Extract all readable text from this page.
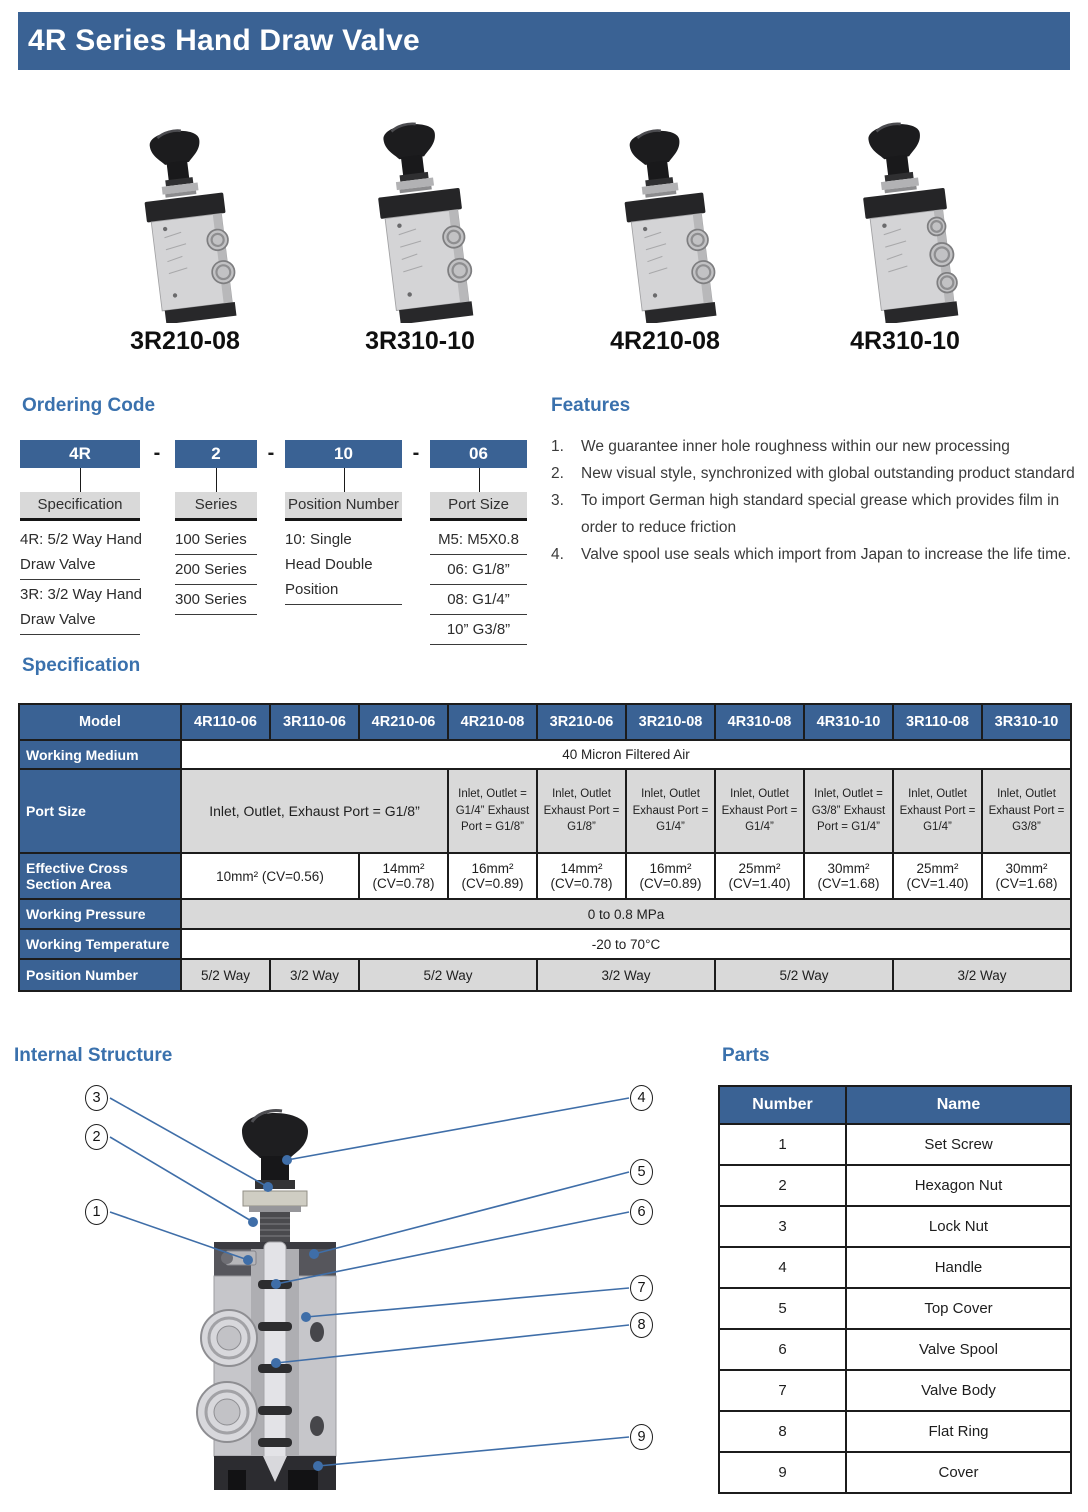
4R Series Hand Draw Valve
3R210-08	3R310-10	4R210-08	4R310-10
Ordering Code
4R
Specification
4R: 5/2 Way Hand
Draw Valve
3R: 3/2 Way Hand
Draw Valve
2
Series
100 Series
200 Series
300 Series
10
Position Number
10: Single
Head Double
Position
06
Port Size
M5: M5X0.8
06: G1/8”
08: G1/4”
10” G3/8”
-	-	-
Features
1.	We guarantee inner hole roughness within our new processing
2.	New visual style, synchronized with global outstanding product standard
3.	To import German high standard special grease which provides film in order to reduce friction
4.	Valve spool use seals which import from Japan to increase the life time.
Specification
Model	4R110-06	3R110-06	4R210-06	4R210-08	3R210-06	3R210-08	4R310-08	4R310-10	3R110-08	3R310-10
Working Medium	40 Micron Filtered Air									
Port Size	Inlet, Outlet, Exhaust Port = G1/8”			Inlet, Outlet = G1/4” Exhaust Port = G1/8”	Inlet, Outlet Exhaust Port = G1/8”	Inlet, Outlet Exhaust Port = G1/4”	Inlet, Outlet Exhaust Port = G1/4”	Inlet, Outlet = G3/8” Exhaust Port = G1/4”	Inlet, Outlet Exhaust Port = G1/4”	Inlet, Outlet Exhaust Port = G3/8”
Effective Cross Section Area	10mm² (CV=0.56)		14mm² (CV=0.78)	16mm² (CV=0.89)	14mm² (CV=0.78)	16mm² (CV=0.89)	25mm² (CV=1.40)	30mm² (CV=1.68)	25mm² (CV=1.40)	30mm² (CV=1.68)
Working Pressure	0 to 0.8 MPa									
Working Temperature	-20 to 70°C									
Position Number	5/2 Way	3/2 Way	5/2 Way		3/2 Way		5/2 Way		3/2 Way	
Internal Structure
1
2
3	4
5
6
7
8
9
Parts
Number	Name
1	Set Screw
2	Hexagon Nut
3	Lock Nut
4	Handle
5	Top Cover
6	Valve Spool
7	Valve Body
8	Flat Ring
9	Cover
